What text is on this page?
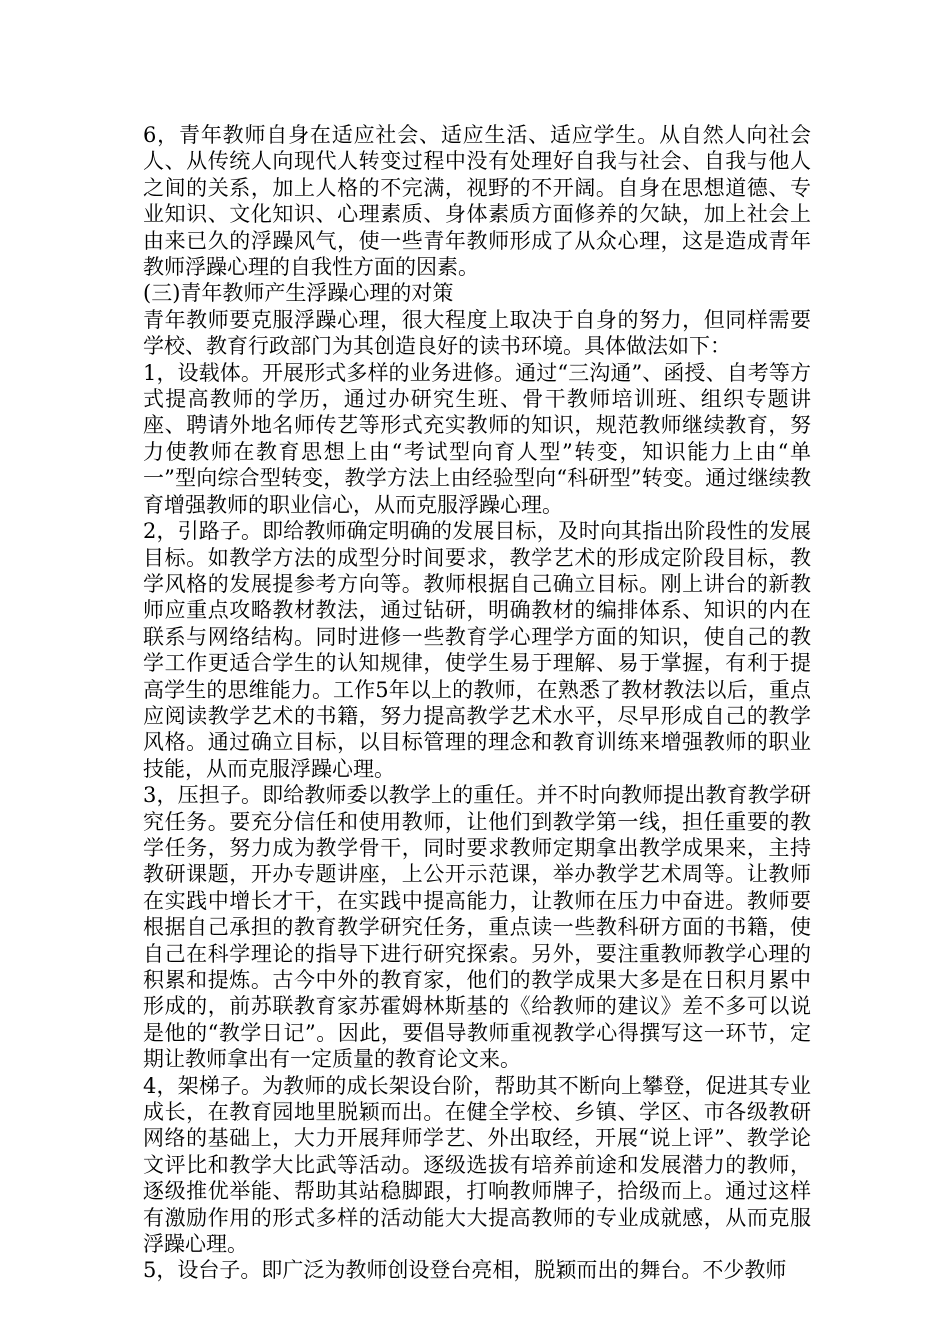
6，青年教师自身在适应社会、适应生活、适应学生。从自然人向社会人、从传统人向现代人转变过程中没有处理好自我与社会、自我与他人之间的关系，加上人格的不完满，视野的不开阔。自身在思想道德、专业知识、文化知识、心理素质、身体素质方面修养的欠缺，加上社会上由来已久的浮躁风气，使一些青年教师形成了从众心理，这是造成青年教师浮躁心理的自我性方面的因素。

(三)青年教师产生浮躁心理的对策

青年教师要克服浮躁心理，很大程度上取决于自身的努力，但同样需要学校、教育行政部门为其创造良好的读书环境。具体做法如下：

1，设载体。开展形式多样的业务进修。通过“三沟通”、函授、自考等方式提高教师的学历，通过办研究生班、骨干教师培训班、组织专题讲座、聘请外地名师传艺等形式充实教师的知识，规范教师继续教育，努力使教师在教育思想上由“考试型向育人型”转变，知识能力上由“单一”型向综合型转变，教学方法上由经验型向“科研型”转变。通过继续教育增强教师的职业信心，从而克服浮躁心理。

2，引路子。即给教师确定明确的发展目标，及时向其指出阶段性的发展目标。如教学方法的成型分时间要求，教学艺术的形成定阶段目标，教学风格的发展提参考方向等。教师根据自己确立目标。刚上讲台的新教师应重点攻略教材教法，通过钻研，明确教材的编排体系、知识的内在联系与网络结构。同时进修一些教育学心理学方面的知识，使自己的教学工作更适合学生的认知规律，使学生易于理解、易于掌握，有利于提高学生的思维能力。工作5年以上的教师，在熟悉了教材教法以后，重点应阅读教学艺术的书籍，努力提高教学艺术水平，尽早形成自己的教学风格。通过确立目标，以目标管理的理念和教育训练来增强教师的职业技能，从而克服浮躁心理。

3，压担子。即给教师委以教学上的重任。并不时向教师提出教育教学研究任务。要充分信任和使用教师，让他们到教学第一线，担任重要的教学任务，努力成为教学骨干，同时要求教师定期拿出教学成果来，主持教研课题，开办专题讲座，上公开示范课，举办教学艺术周等。让教师在实践中增长才干，在实践中提高能力，让教师在压力中奋进。教师要根据自己承担的教育教学研究任务，重点读一些教科研方面的书籍，使自己在科学理论的指导下进行研究探索。另外，要注重教师教学心理的积累和提炼。古今中外的教育家，他们的教学成果大多是在日积月累中形成的，前苏联教育家苏霍姆林斯基的《给教师的建议》差不多可以说是他的“教学日记”。因此，要倡导教师重视教学心得撰写这一环节，定期让教师拿出有一定质量的教育论文来。

4，架梯子。为教师的成长架设台阶，帮助其不断向上攀登，促进其专业成长，在教育园地里脱颖而出。在健全学校、乡镇、学区、市各级教研网络的基础上，大力开展拜师学艺、外出取经，开展“说上评”、教学论文评比和教学大比武等活动。逐级选拔有培养前途和发展潜力的教师，逐级推优举能、帮助其站稳脚跟，打响教师牌子，拾级而上。通过这样有激励作用的形式多样的活动能大大提高教师的专业成就感，从而克服浮躁心理。

5，设台子。即广泛为教师创设登台亮相，脱颖而出的舞台。不少教师
